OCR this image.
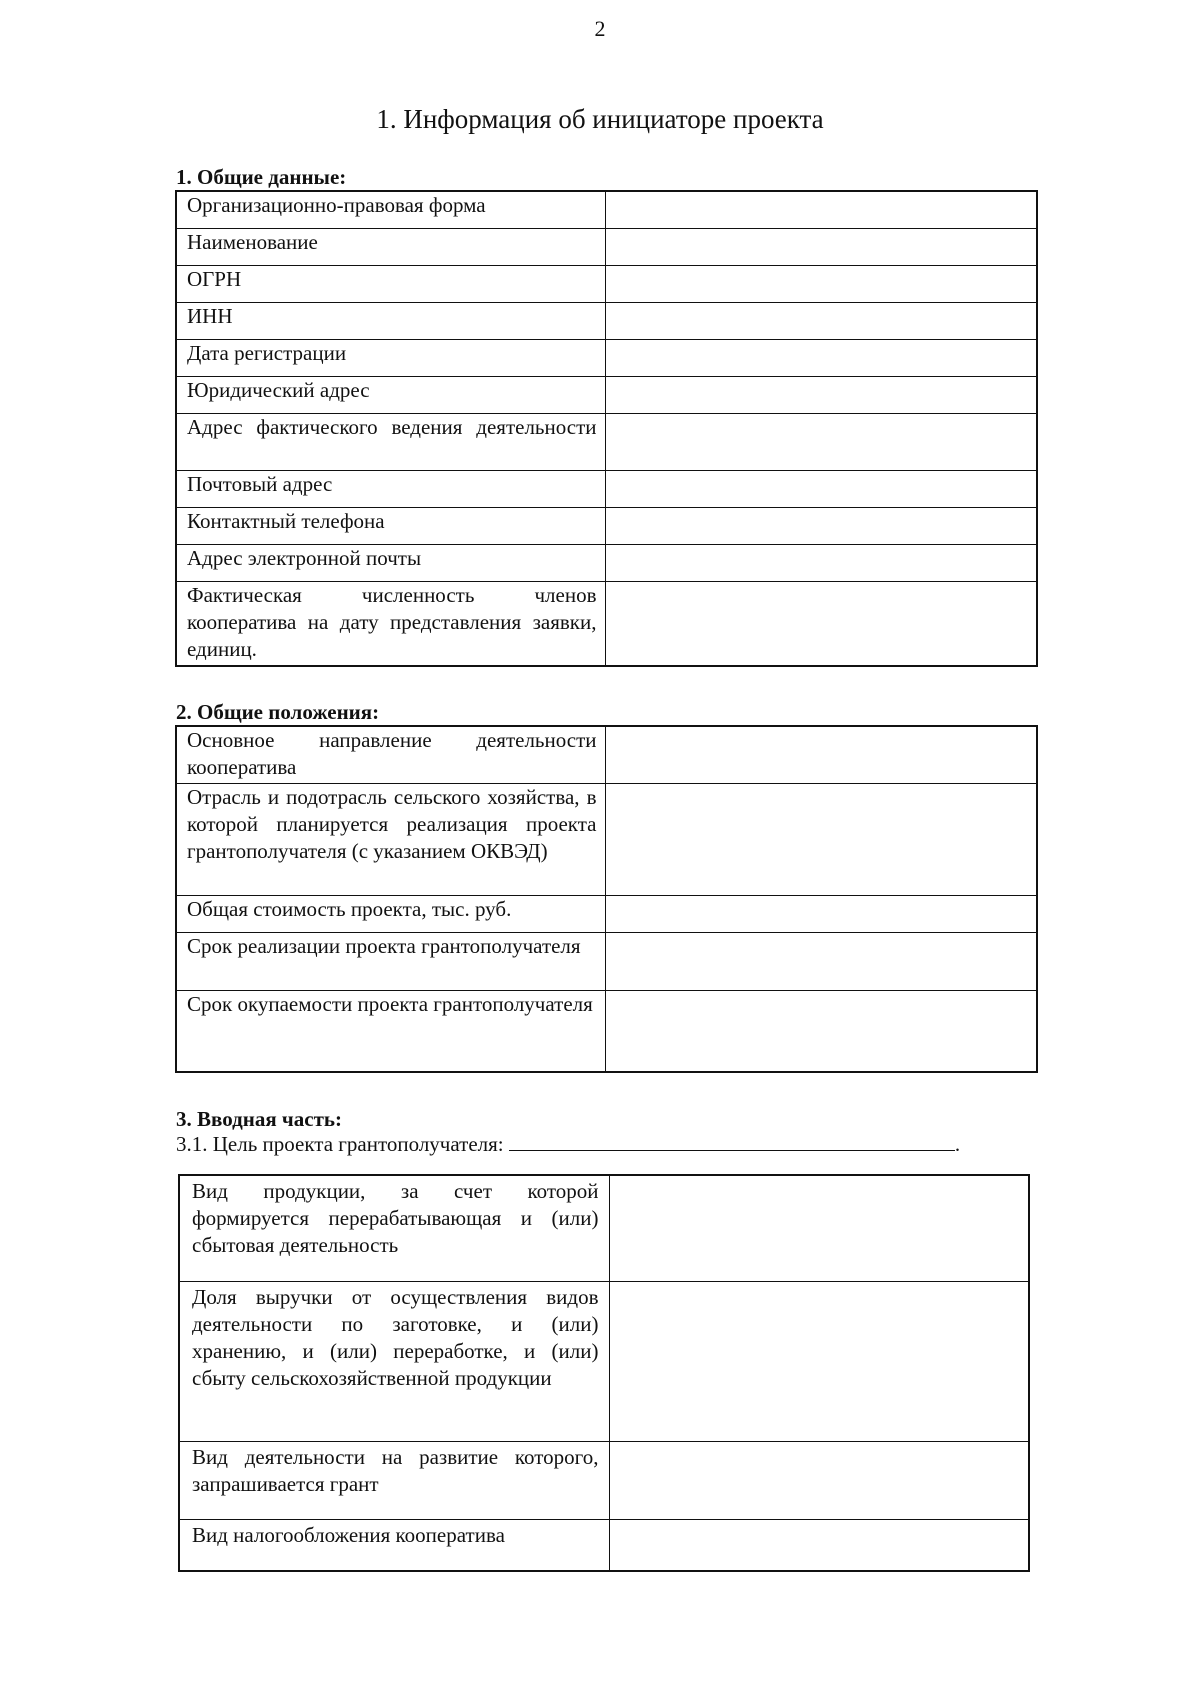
2
1. Информация об инициаторе проекта
1. Общие данные:
Организационно-правовая форма	
Наименование	
ОГРН	
ИНН	
Дата регистрации	
Юридический адрес	
Адрес фактического ведения деятельности	
Почтовый адрес	
Контактный телефона	
Адрес электронной почты	
Фактическая численность членов кооператива на дату представления заявки, единиц.	
2. Общие положения:
Основное направление деятельности кооператива	
Отрасль и подотрасль сельского хозяйства, в которой планируется реализация проекта грантополучателя (с указанием ОКВЭД)	
Общая стоимость проекта, тыс. руб.	
Срок реализации проекта грантополучателя	
Срок окупаемости проекта грантополучателя	
3. Вводная часть:

3.1. Цель проекта грантополучателя:	.

Вид продукции, за счет которой формируется перерабатывающая и (или) сбытовая деятельность	
Доля выручки от осуществления видов деятельности по заготовке, и (или) хранению, и (или) переработке, и (или) сбыту сельскохозяйственной продукции	
Вид деятельности на развитие которого, запрашивается грант	
Вид налогообложения кооператива	
